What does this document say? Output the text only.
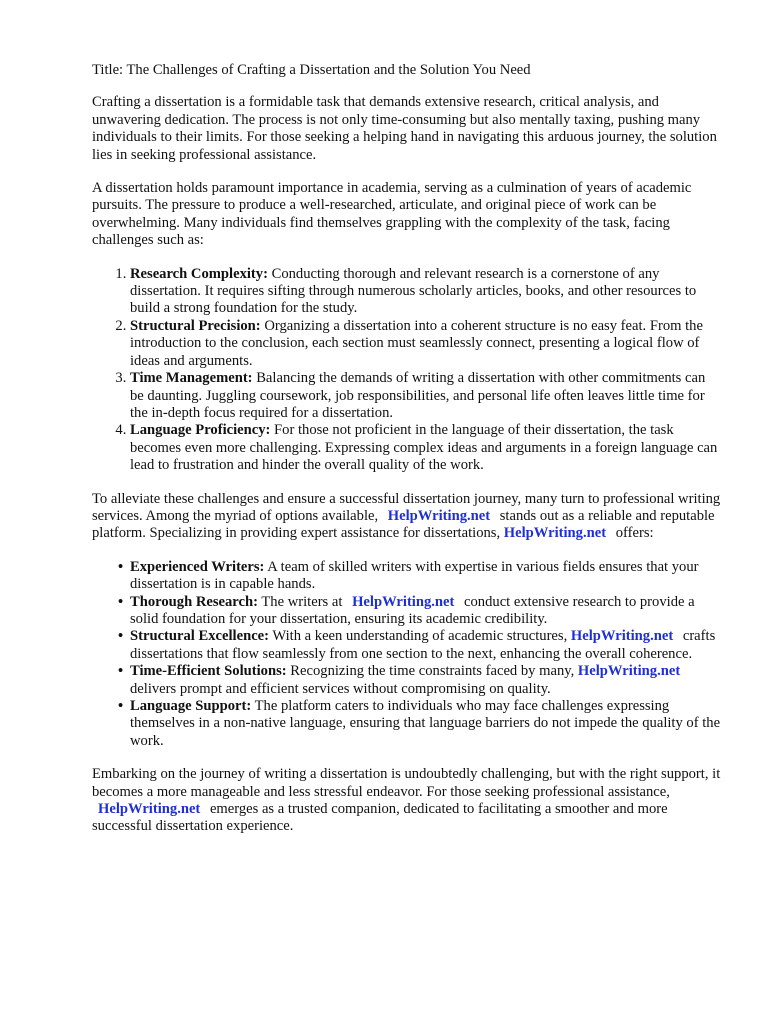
Title: The Challenges of Crafting a Dissertation and the Solution You Need

Crafting a dissertation is a formidable task that demands extensive research, critical analysis, and unwavering dedication. The process is not only time-consuming but also mentally taxing, pushing many individuals to their limits. For those seeking a helping hand in navigating this arduous journey, the solution lies in seeking professional assistance.

A dissertation holds paramount importance in academia, serving as a culmination of years of academic pursuits. The pressure to produce a well-researched, articulate, and original piece of work can be overwhelming. Many individuals find themselves grappling with the complexity of the task, facing challenges such as:

1. Research Complexity: Conducting thorough and relevant research is a cornerstone of any dissertation. It requires sifting through numerous scholarly articles, books, and other resources to build a strong foundation for the study.
2. Structural Precision: Organizing a dissertation into a coherent structure is no easy feat. From the introduction to the conclusion, each section must seamlessly connect, presenting a logical flow of ideas and arguments.
3. Time Management: Balancing the demands of writing a dissertation with other commitments can be daunting. Juggling coursework, job responsibilities, and personal life often leaves little time for the in-depth focus required for a dissertation.
4. Language Proficiency: For those not proficient in the language of their dissertation, the task becomes even more challenging. Expressing complex ideas and arguments in a foreign language can lead to frustration and hinder the overall quality of the work.

To alleviate these challenges and ensure a successful dissertation journey, many turn to professional writing services. Among the myriad of options available, HelpWriting.net stands out as a reliable and reputable platform. Specializing in providing expert assistance for dissertations, HelpWriting.net offers:

• Experienced Writers: A team of skilled writers with expertise in various fields ensures that your dissertation is in capable hands.
• Thorough Research: The writers at HelpWriting.net conduct extensive research to provide a solid foundation for your dissertation, ensuring its academic credibility.
• Structural Excellence: With a keen understanding of academic structures, HelpWriting.net crafts dissertations that flow seamlessly from one section to the next, enhancing the overall coherence.
• Time-Efficient Solutions: Recognizing the time constraints faced by many, HelpWriting.net delivers prompt and efficient services without compromising on quality.
• Language Support: The platform caters to individuals who may face challenges expressing themselves in a non-native language, ensuring that language barriers do not impede the quality of the work.

Embarking on the journey of writing a dissertation is undoubtedly challenging, but with the right support, it becomes a more manageable and less stressful endeavor. For those seeking professional assistance, HelpWriting.net emerges as a trusted companion, dedicated to facilitating a smoother and more successful dissertation experience.
